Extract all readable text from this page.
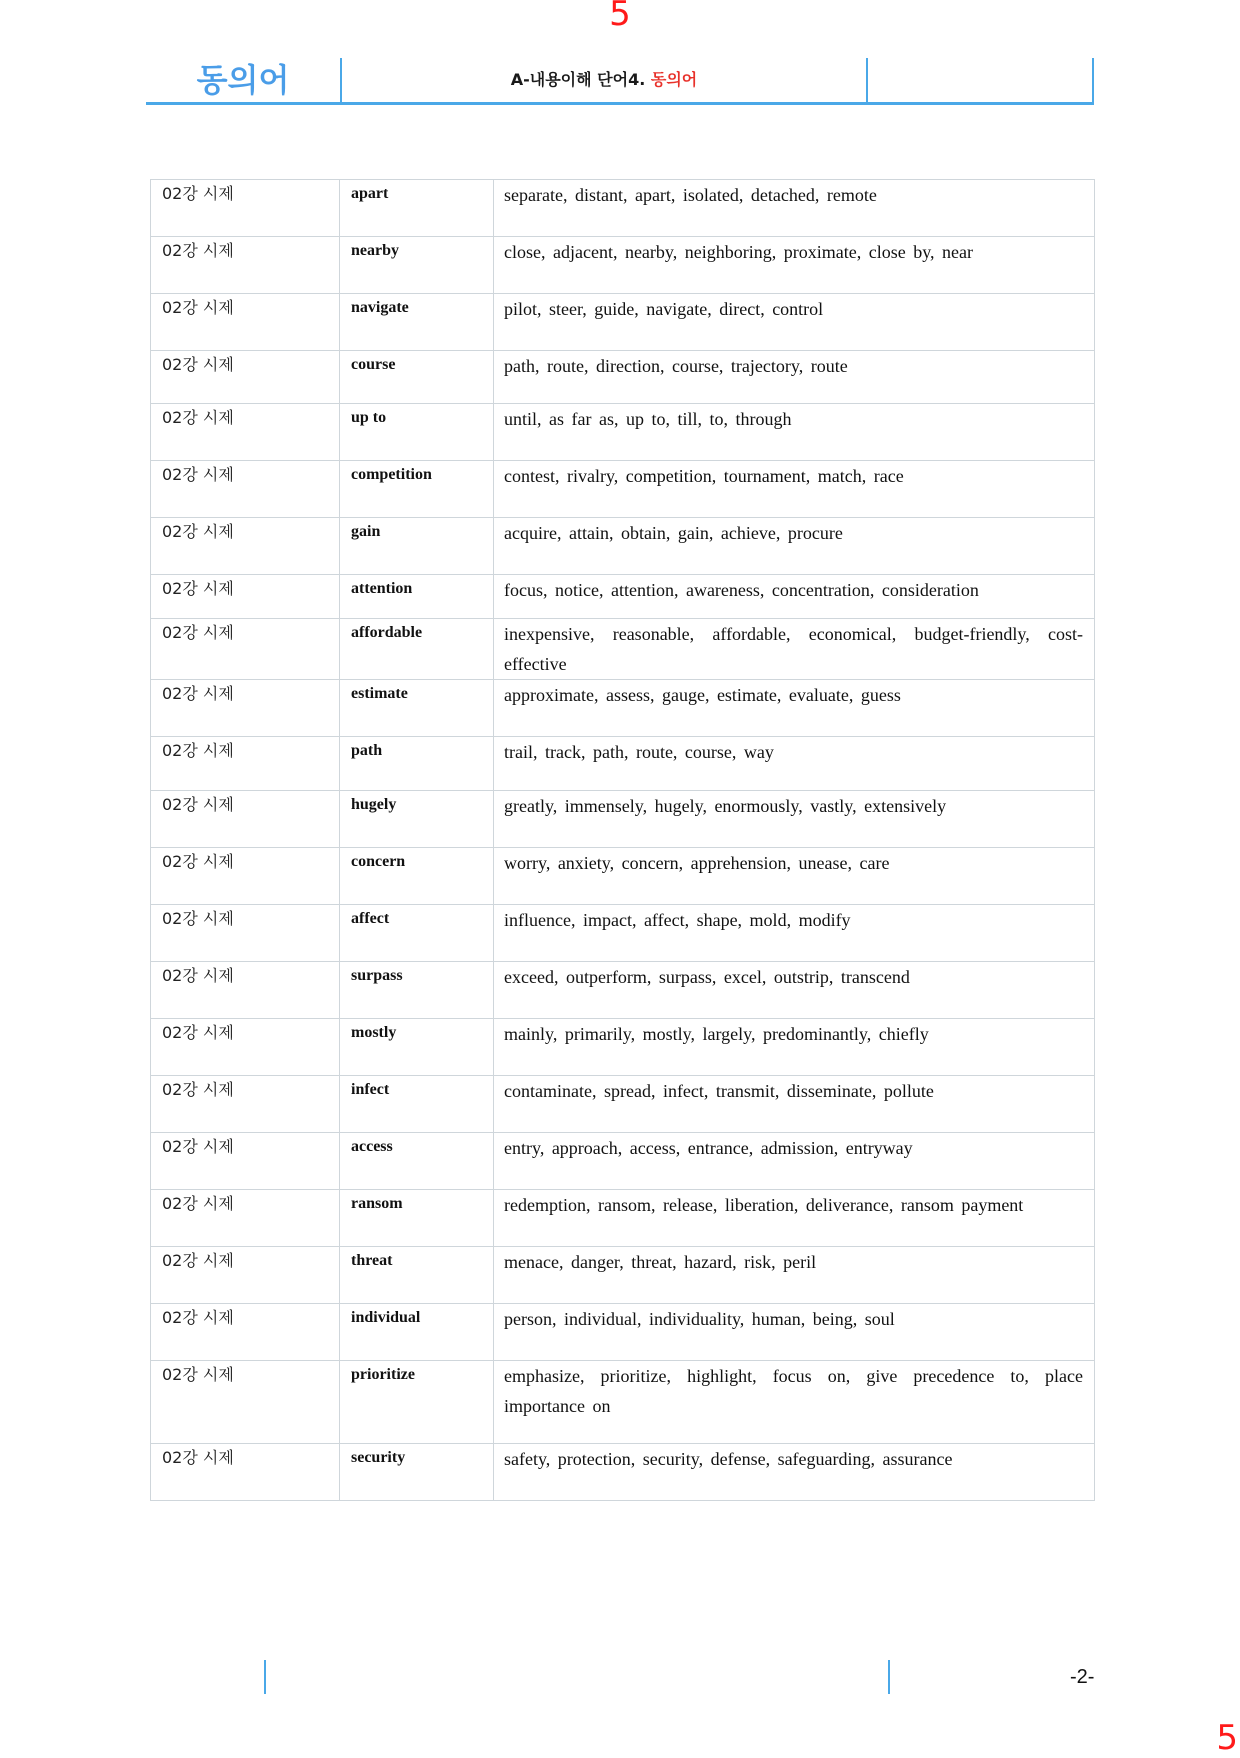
5
동의어	A-내용이해 단어4. 동의어
02강 시제	apart	separate, distant, apart, isolated, detached, remote
02강 시제	nearby	close, adjacent, nearby, neighboring, proximate, close by, near
02강 시제	navigate	pilot, steer, guide, navigate, direct, control
02강 시제	course	path, route, direction, course, trajectory, route
02강 시제	up to	until, as far as, up to, till, to, through
02강 시제	competition	contest, rivalry, competition, tournament, match, race
02강 시제	gain	acquire, attain, obtain, gain, achieve, procure
02강 시제	attention	focus, notice, attention, awareness, concentration, consideration
02강 시제	affordable	inexpensive, reasonable, affordable, economical, budget-friendly, cost-effective
02강 시제	estimate	approximate, assess, gauge, estimate, evaluate, guess
02강 시제	path	trail, track, path, route, course, way
02강 시제	hugely	greatly, immensely, hugely, enormously, vastly, extensively
02강 시제	concern	worry, anxiety, concern, apprehension, unease, care
02강 시제	affect	influence, impact, affect, shape, mold, modify
02강 시제	surpass	exceed, outperform, surpass, excel, outstrip, transcend
02강 시제	mostly	mainly, primarily, mostly, largely, predominantly, chiefly
02강 시제	infect	contaminate, spread, infect, transmit, disseminate, pollute
02강 시제	access	entry, approach, access, entrance, admission, entryway
02강 시제	ransom	redemption, ransom, release, liberation, deliverance, ransom payment
02강 시제	threat	menace, danger, threat, hazard, risk, peril
02강 시제	individual	person, individual, individuality, human, being, soul
02강 시제	prioritize	emphasize, prioritize, highlight, focus on, give precedence to, place importance on
02강 시제	security	safety, protection, security, defense, safeguarding, assurance
-2-
5
